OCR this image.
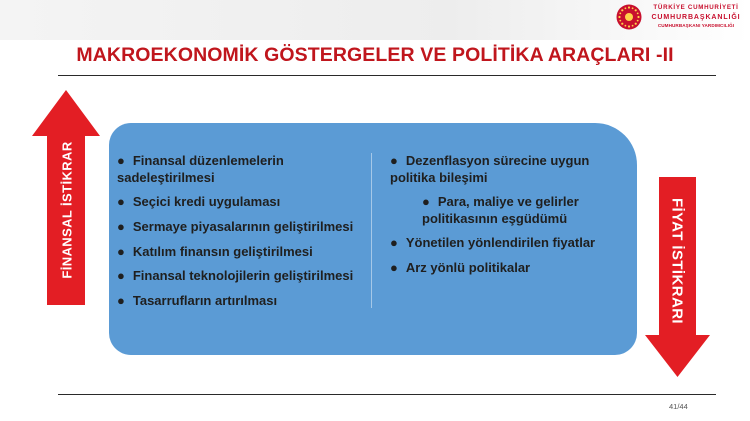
TÜRKİYE CUMHURİYETİ
CUMHURBAŞKANLIĞI
CUMHURBAŞKANI YARDIMCILIĞI
MAKROEKONOMİK GÖSTERGELER VE POLİTİKA ARAÇLARI -II
FİNANSAL İSTİKRAR	FİYAT İSTİKRARI
● Finansal düzenlemelerin sadeleştirilmesi
● Seçici kredi uygulaması
● Sermaye piyasalarının geliştirilmesi
● Katılım finansın geliştirilmesi
● Finansal teknolojilerin geliştirilmesi
● Tasarrufların artırılması
● Dezenflasyon sürecine uygun politika bileşimi
● Para, maliye ve gelirler politikasının eşgüdümü
● Yönetilen yönlendirilen fiyatlar
● Arz yönlü politikalar
41/44
